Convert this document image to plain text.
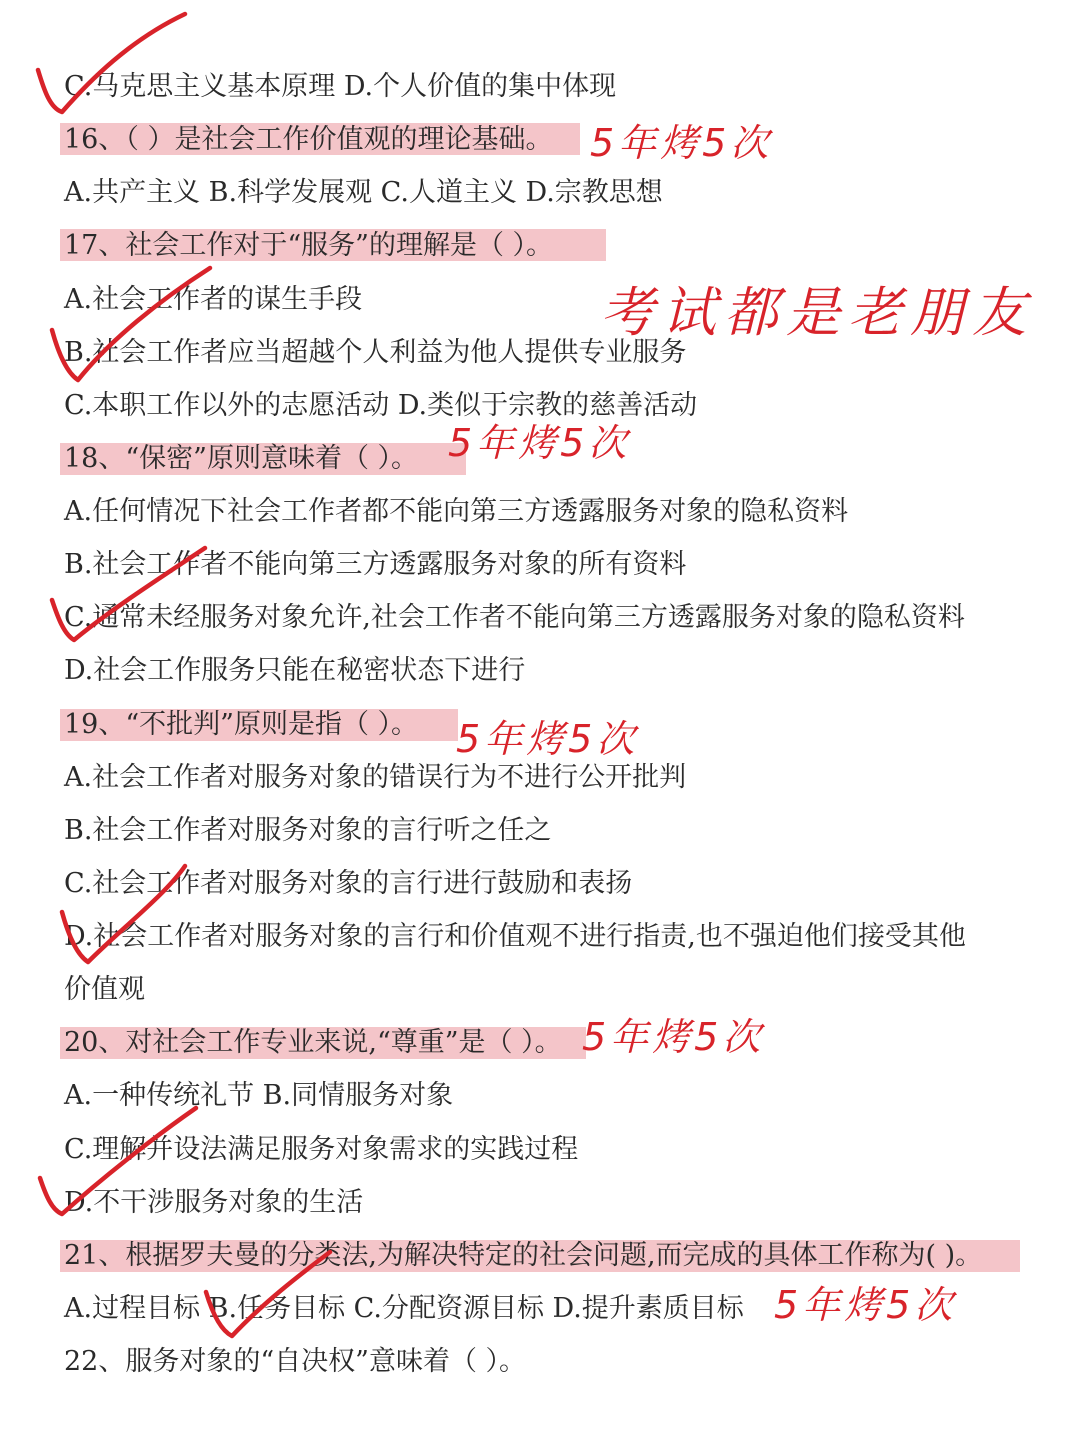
C.马克思主义基本原理 D.个人价值的集中体现
16、（ ）是社会工作价值观的理论基础。
A.共产主义 B.科学发展观 C.人道主义 D.宗教思想
17、社会工作对于“服务”的理解是（ ）。
A.社会工作者的谋生手段
B.社会工作者应当超越个人利益为他人提供专业服务
C.本职工作以外的志愿活动 D.类似于宗教的慈善活动
18、“保密”原则意味着（ ）。
A.任何情况下社会工作者都不能向第三方透露服务对象的隐私资料
B.社会工作者不能向第三方透露服务对象的所有资料
C.通常未经服务对象允许,社会工作者不能向第三方透露服务对象的隐私资料
D.社会工作服务只能在秘密状态下进行
19、“不批判”原则是指（ ）。
A.社会工作者对服务对象的错误行为不进行公开批判
B.社会工作者对服务对象的言行听之任之
C.社会工作者对服务对象的言行进行鼓励和表扬
D.社会工作者对服务对象的言行和价值观不进行指责,也不强迫他们接受其他
价值观
20、对社会工作专业来说,“尊重”是（ ）。
A.一种传统礼节 B.同情服务对象
C.理解并设法满足服务对象需求的实践过程
D.不干涉服务对象的生活
21、根据罗夫曼的分类法,为解决特定的社会问题,而完成的具体工作称为( )。
A.过程目标 B.任务目标 C.分配资源目标 D.提升素质目标
22、服务对象的“自决权”意味着（ ）。
5年烤5次
考试都是老朋友
5年烤5次
5年烤5次
5年烤5次
5年烤5次
